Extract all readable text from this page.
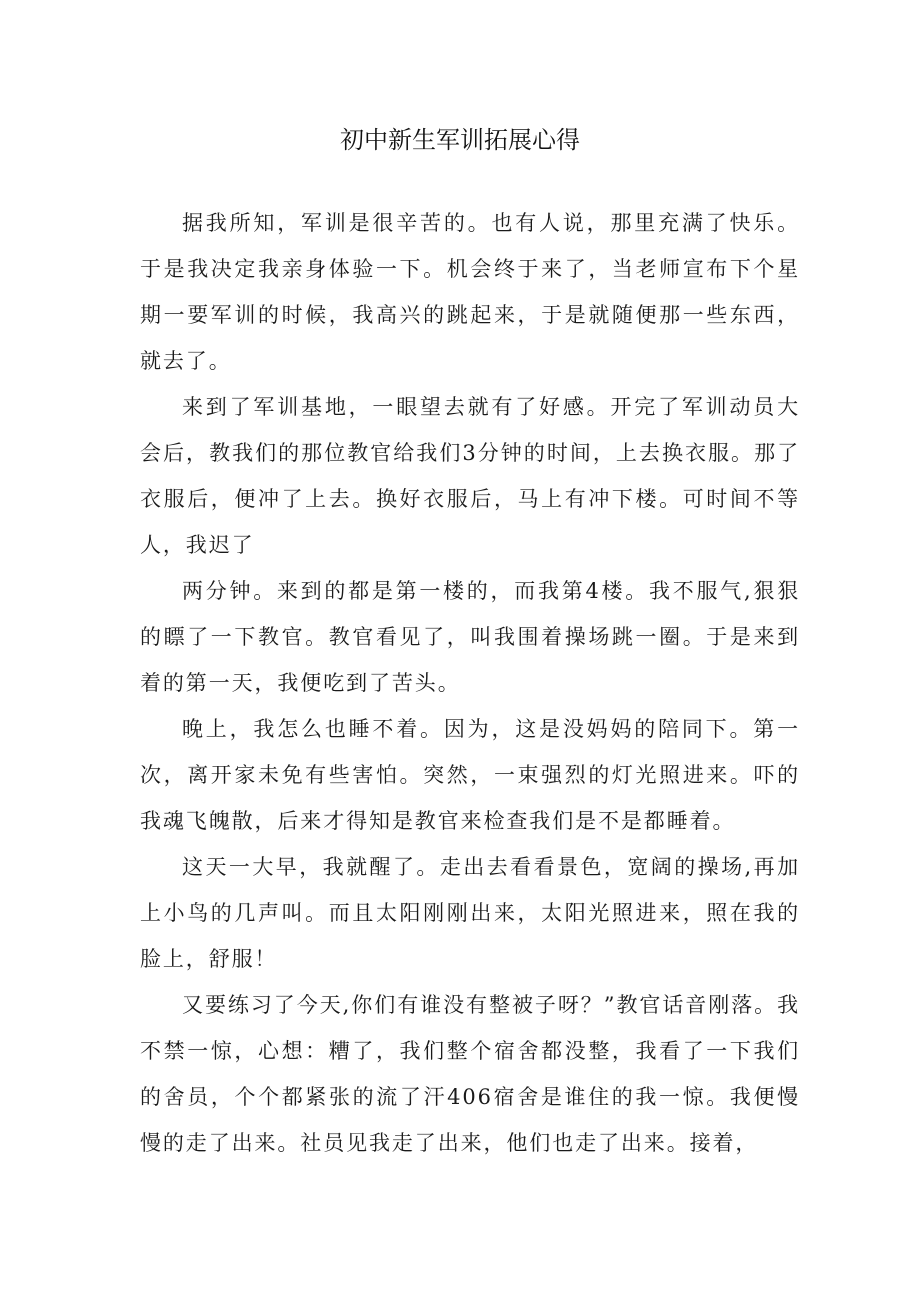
初中新生军训拓展心得

据我所知，军训是很辛苦的。也有人说，那里充满了快乐。于是我决定我亲身体验一下。机会终于来了，当老师宣布下个星期一要军训的时候，我高兴的跳起来，于是就随便那一些东西，就去了。

来到了军训基地，一眼望去就有了好感。开完了军训动员大会后，教我们的那位教官给我们3分钟的时间，上去换衣服。那了衣服后，便冲了上去。换好衣服后，马上有冲下楼。可时间不等人，我迟了

两分钟。来到的都是第一楼的，而我第4楼。我不服气,狠狠的瞟了一下教官。教官看见了，叫我围着操场跳一圈。于是来到着的第一天，我便吃到了苦头。

晚上，我怎么也睡不着。因为，这是没妈妈的陪同下。第一次，离开家未免有些害怕。突然，一束强烈的灯光照进来。吓的我魂飞魄散，后来才得知是教官来检查我们是不是都睡着。

这天一大早，我就醒了。走出去看看景色，宽阔的操场,再加上小鸟的几声叫。而且太阳刚刚出来，太阳光照进来，照在我的脸上，舒服！

又要练习了今天,你们有谁没有整被子呀？”教官话音刚落。我不禁一惊，心想：糟了，我们整个宿舍都没整，我看了一下我们的舍员，个个都紧张的流了汗406宿舍是谁住的我一惊。我便慢慢的走了出来。社员见我走了出来，他们也走了出来。接着，
